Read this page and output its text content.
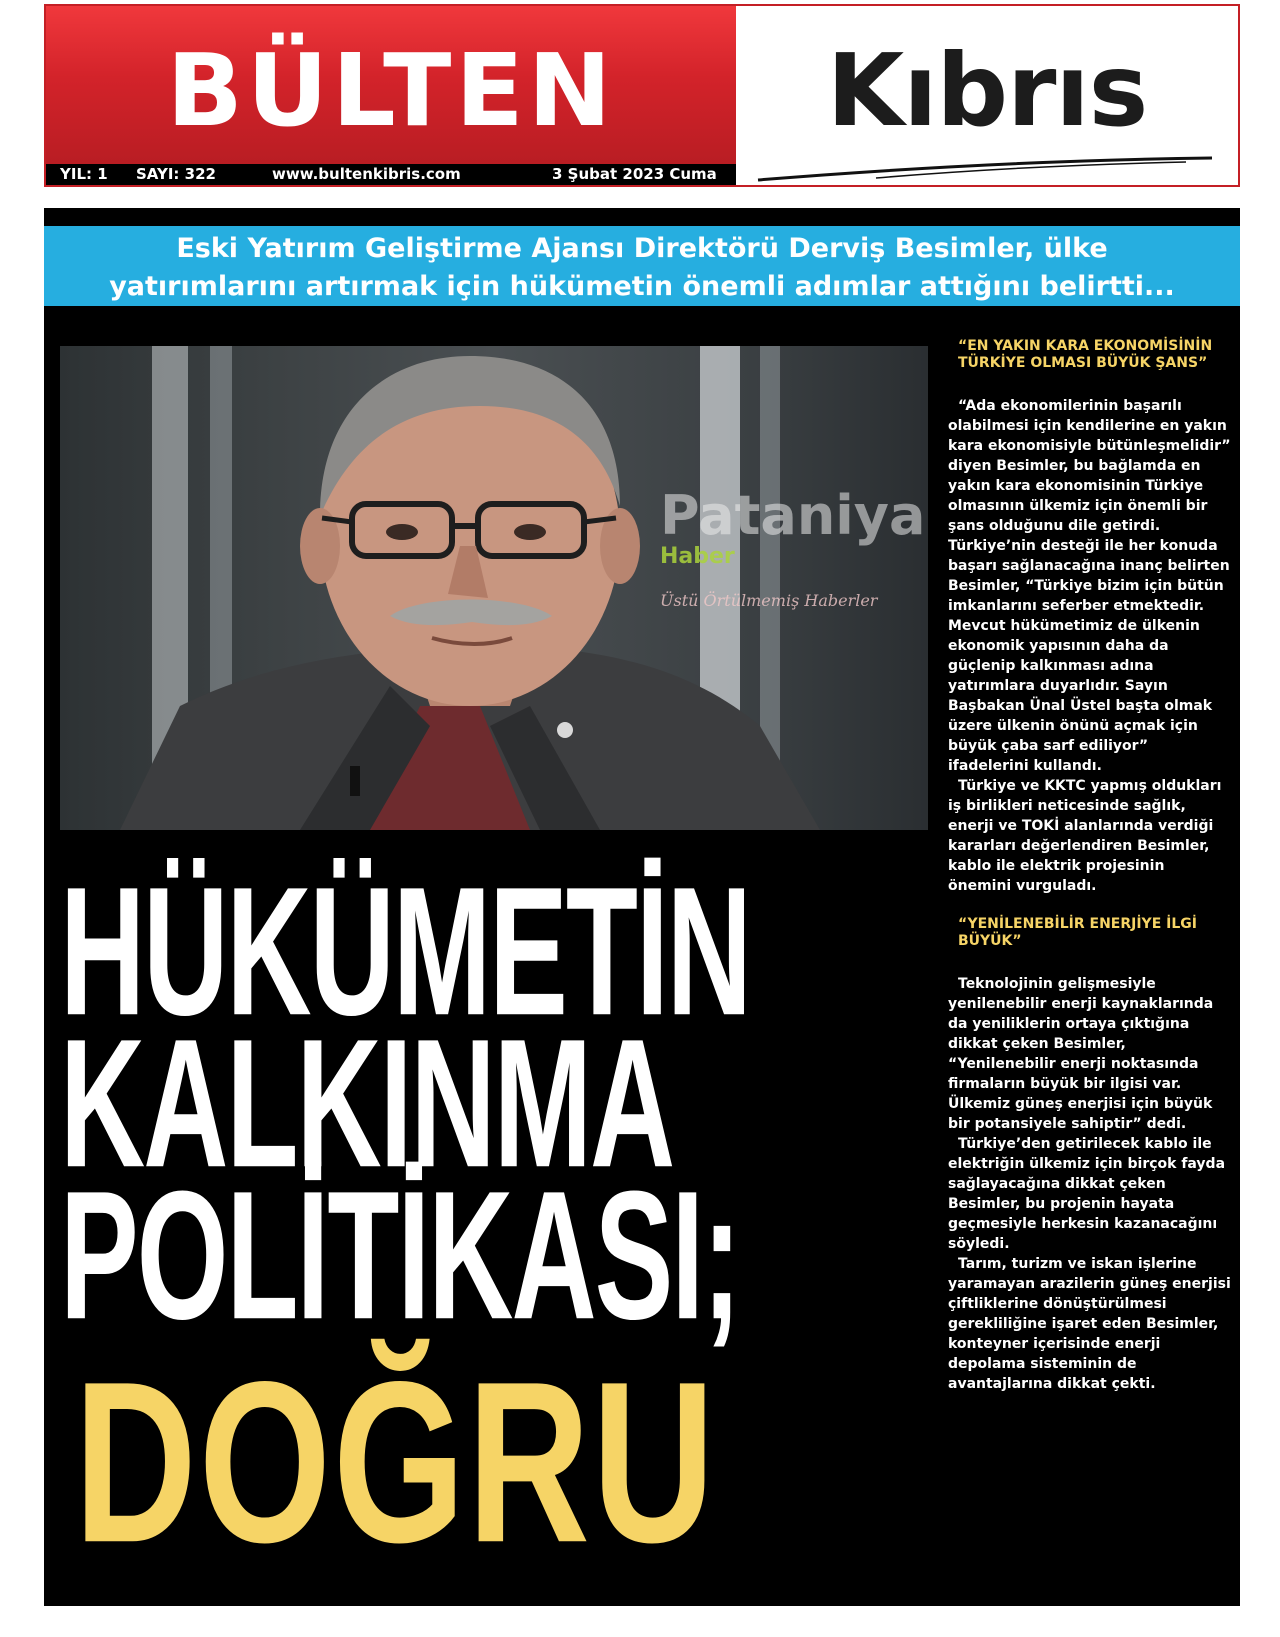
BÜLTEN	Kıbrıs
YIL: 1 SAYI: 322	www.bultenkibris.com	3 Şubat 2023 Cuma
Eski Yatırım Geliştirme Ajansı Direktörü Derviş Besimler, ülke
yatırımlarını artırmak için hükümetin önemli adımlar attığını belirtti...
Pataniya
Haber
Üstü Örtülmemiş Haberler
HÜKÜMETİN
KALKINMA
POLİTİKASI;
DOĞRU
“EN YAKIN KARA EKONOMİSİNİN TÜRKİYE OLMASI BÜYÜK ŞANS”
“Ada ekonomilerinin başarılı olabilmesi için kendilerine en yakın kara ekonomisiyle bütünleşmelidir” diyen Besimler, bu bağlamda en yakın kara ekonomisinin Türkiye olmasının ülkemiz için önemli bir şans olduğunu dile getirdi. Türkiye’nin desteği ile her konuda başarı sağlanacağına inanç belirten Besimler, “Türkiye bizim için bütün imkanlarını seferber etmektedir. Mevcut hükümetimiz de ülkenin ekonomik yapısının daha da güçlenip kalkınması adına yatırımlara duyarlıdır. Sayın Başbakan Ünal Üstel başta olmak üzere ülkenin önünü açmak için büyük çaba sarf ediliyor” ifadelerini kullandı.
Türkiye ve KKTC yapmış oldukları iş birlikleri neticesinde sağlık, enerji ve TOKİ alanlarında verdiği kararları değerlendiren Besimler, kablo ile elektrik projesinin önemini vurguladı.
“YENİLENEBİLİR ENERJİYE İLGİ BÜYÜK”
Teknolojinin gelişmesiyle yenilenebilir enerji kaynaklarında da yeniliklerin ortaya çıktığına dikkat çeken Besimler, “Yenilenebilir enerji noktasında firmaların büyük bir ilgisi var. Ülkemiz güneş enerjisi için büyük bir potansiyele sahiptir” dedi.
Türkiye’den getirilecek kablo ile elektriğin ülkemiz için birçok fayda sağlayacağına dikkat çeken Besimler, bu projenin hayata geçmesiyle herkesin kazanacağını söyledi.
Tarım, turizm ve iskan işlerine yaramayan arazilerin güneş enerjisi çiftliklerine dönüştürülmesi gerekliliğine işaret eden Besimler, konteyner içerisinde enerji depolama sisteminin de avantajlarına dikkat çekti.
